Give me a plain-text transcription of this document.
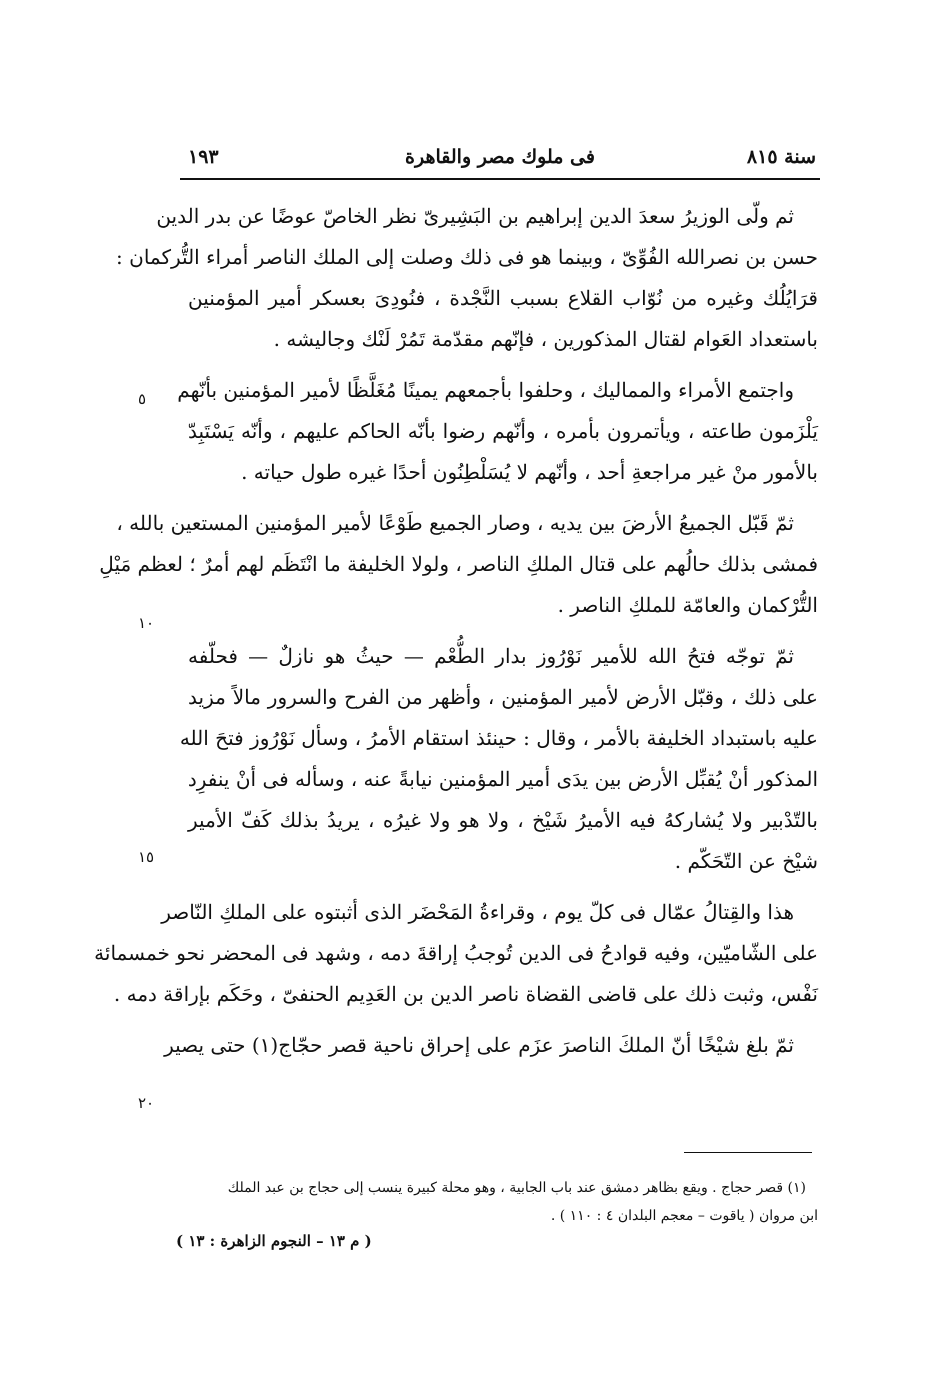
سنة ٨١٥
فى ملوك مصر والقاهرة
١٩٣
ثم ولّى الوزيرُ سعدَ الدين إبراهيم بن البَشِيرىّ نظر الخاصّ عوضًا عن بدر الدين
حسن بن نصرالله الفُوِّىّ ، وبينما هو فى ذلك وصلت إلى الملك الناصر أمراء التُّركمان :
قرَايُلُك وغيره من نُوّاب القلاع بسبب النَّجْدة ، فنُودِىَ بعسكر أمير المؤمنين
باستعداد العَوام لقتال المذكورين ، فإنّهم مقدّمة تَمُرْ لَنْك وجاليشه .
واجتمع الأمراء والمماليك ، وحلفوا بأجمعهم يمينًا مُغَلَّظًا لأمير المؤمنين بأنّهم
يَلْزَمون طاعته ، ويأتمرون بأمره ، وأنّهم رضوا بأنّه الحاكم عليهم ، وأنّه يَسْتَبِدّ
بالأمور منْ غير مراجعةِ أحد ، وأنّهم لا يُسَلْطِنُون أحدًا غيره طول حياته .
ثمّ قَبّل الجميعُ الأرضَ بين يديه ، وصار الجميع طَوْعًا لأمير المؤمنين المستعين بالله ،
فمشى بذلك حالُهم على قتال الملكِ الناصر ، ولولا الخليفة ما انْتَظَم لهم أمرٌ ؛ لعظم مَيْلِ
التُّرْكمان والعامّة للملكِ الناصر .
ثمّ توجّه فتحُ الله للأمير نَوْرُوز بدار الطُّعْم — حيثُ هو نازلٌ — فحلّفه
على ذلك ، وقبّل الأرض لأمير المؤمنين ، وأظهر من الفرح والسرور مالاً مزيد
عليه باستبداد الخليفة بالأمر ، وقال : حينئذ استقام الأمرُ ، وسأل نَوْرُوز فتحَ الله
المذكور أنْ يُقبِّل الأرض بين يدَى أمير المؤمنين نيابةً عنه ، وسأله فى أنْ ينفرِد
بالتّدْبير ولا يُشاركهُ فيه الأميرُ شَيْخ ، ولا هو ولا غيرُه ، يريدُ بذلك كَفّ الأمير
شيْخ عن التّحَكّم .
هذا والقِتالُ عمّال فى كلّ يوم ، وقراءةُ المَحْضَر الذى أثبتوه على الملكِ النّاصر
على الشّاميّين، وفيه قوادحُ فى الدين تُوجبُ إراقةَ دمه ، وشهد فى المحضر نحو خمسمائة
نَفْس، وثبت ذلك على قاضى القضاة ناصر الدين بن العَدِيم الحنفىّ ، وحَكَم بإراقة دمه .
ثمّ بلغ شيْخًا أنّ الملكَ الناصرَ عزَم على إحراق ناحية قصر حجّاج(١) حتى يصير
٥
١٠
١٥
٢٠
(١) قصر حجاج . ويقع بظاهر دمشق عند باب الجابية ، وهو محلة كبيرة ينسب إلى حجاج بن عبد الملك
ابن مروان ( ياقوت – معجم البلدان ٤ : ١١٠ ) .
( م ١٣ – النجوم الزاهرة : ١٣ )
